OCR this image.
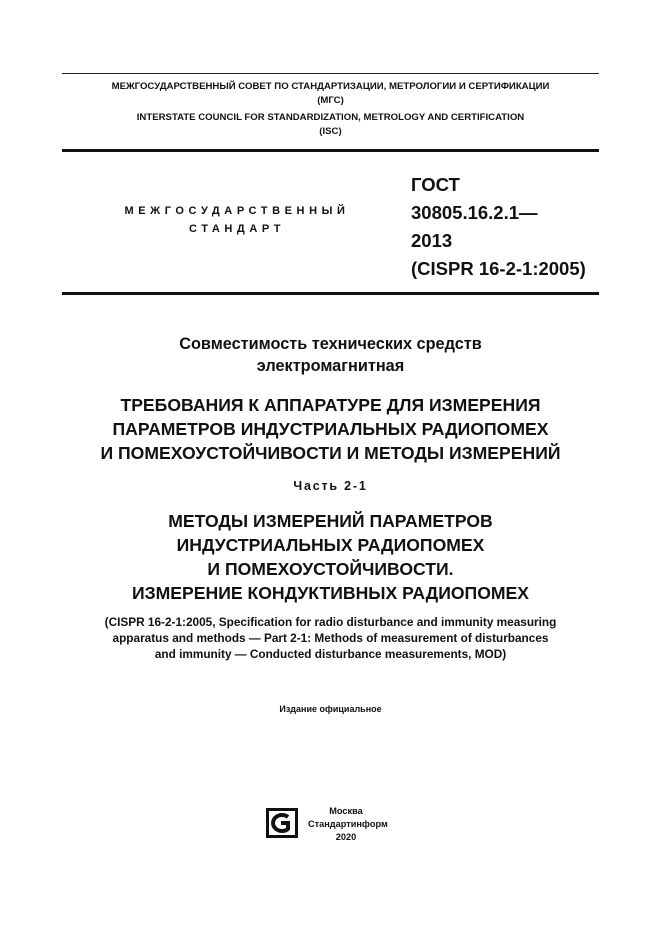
МЕЖГОСУДАРСТВЕННЫЙ СОВЕТ ПО СТАНДАРТИЗАЦИИ, МЕТРОЛОГИИ И СЕРТИФИКАЦИИ
(МГС)
INTERSTATE COUNCIL FOR STANDARDIZATION, METROLOGY AND CERTIFICATION
(ISC)
МЕЖГОСУДАРСТВЕННЫЙ
СТАНДАРТ
ГОСТ
30805.16.2.1—
2013
(CISPR 16-2-1:2005)
Совместимость технических средств
электромагнитная
ТРЕБОВАНИЯ К АППАРАТУРЕ ДЛЯ ИЗМЕРЕНИЯ
ПАРАМЕТРОВ ИНДУСТРИАЛЬНЫХ РАДИОПОМЕХ
И ПОМЕХОУСТОЙЧИВОСТИ И МЕТОДЫ ИЗМЕРЕНИЙ
Часть 2-1
МЕТОДЫ ИЗМЕРЕНИЙ ПАРАМЕТРОВ
ИНДУСТРИАЛЬНЫХ РАДИОПОМЕХ
И ПОМЕХОУСТОЙЧИВОСТИ.
ИЗМЕРЕНИЕ КОНДУКТИВНЫХ РАДИОПОМЕХ
(CISPR 16-2-1:2005, Specification for radio disturbance and immunity measuring
apparatus and methods — Part 2-1: Methods of measurement of disturbances
and immunity — Conducted disturbance measurements, MOD)
Издание официальное
Москва
Стандартинформ
2020
